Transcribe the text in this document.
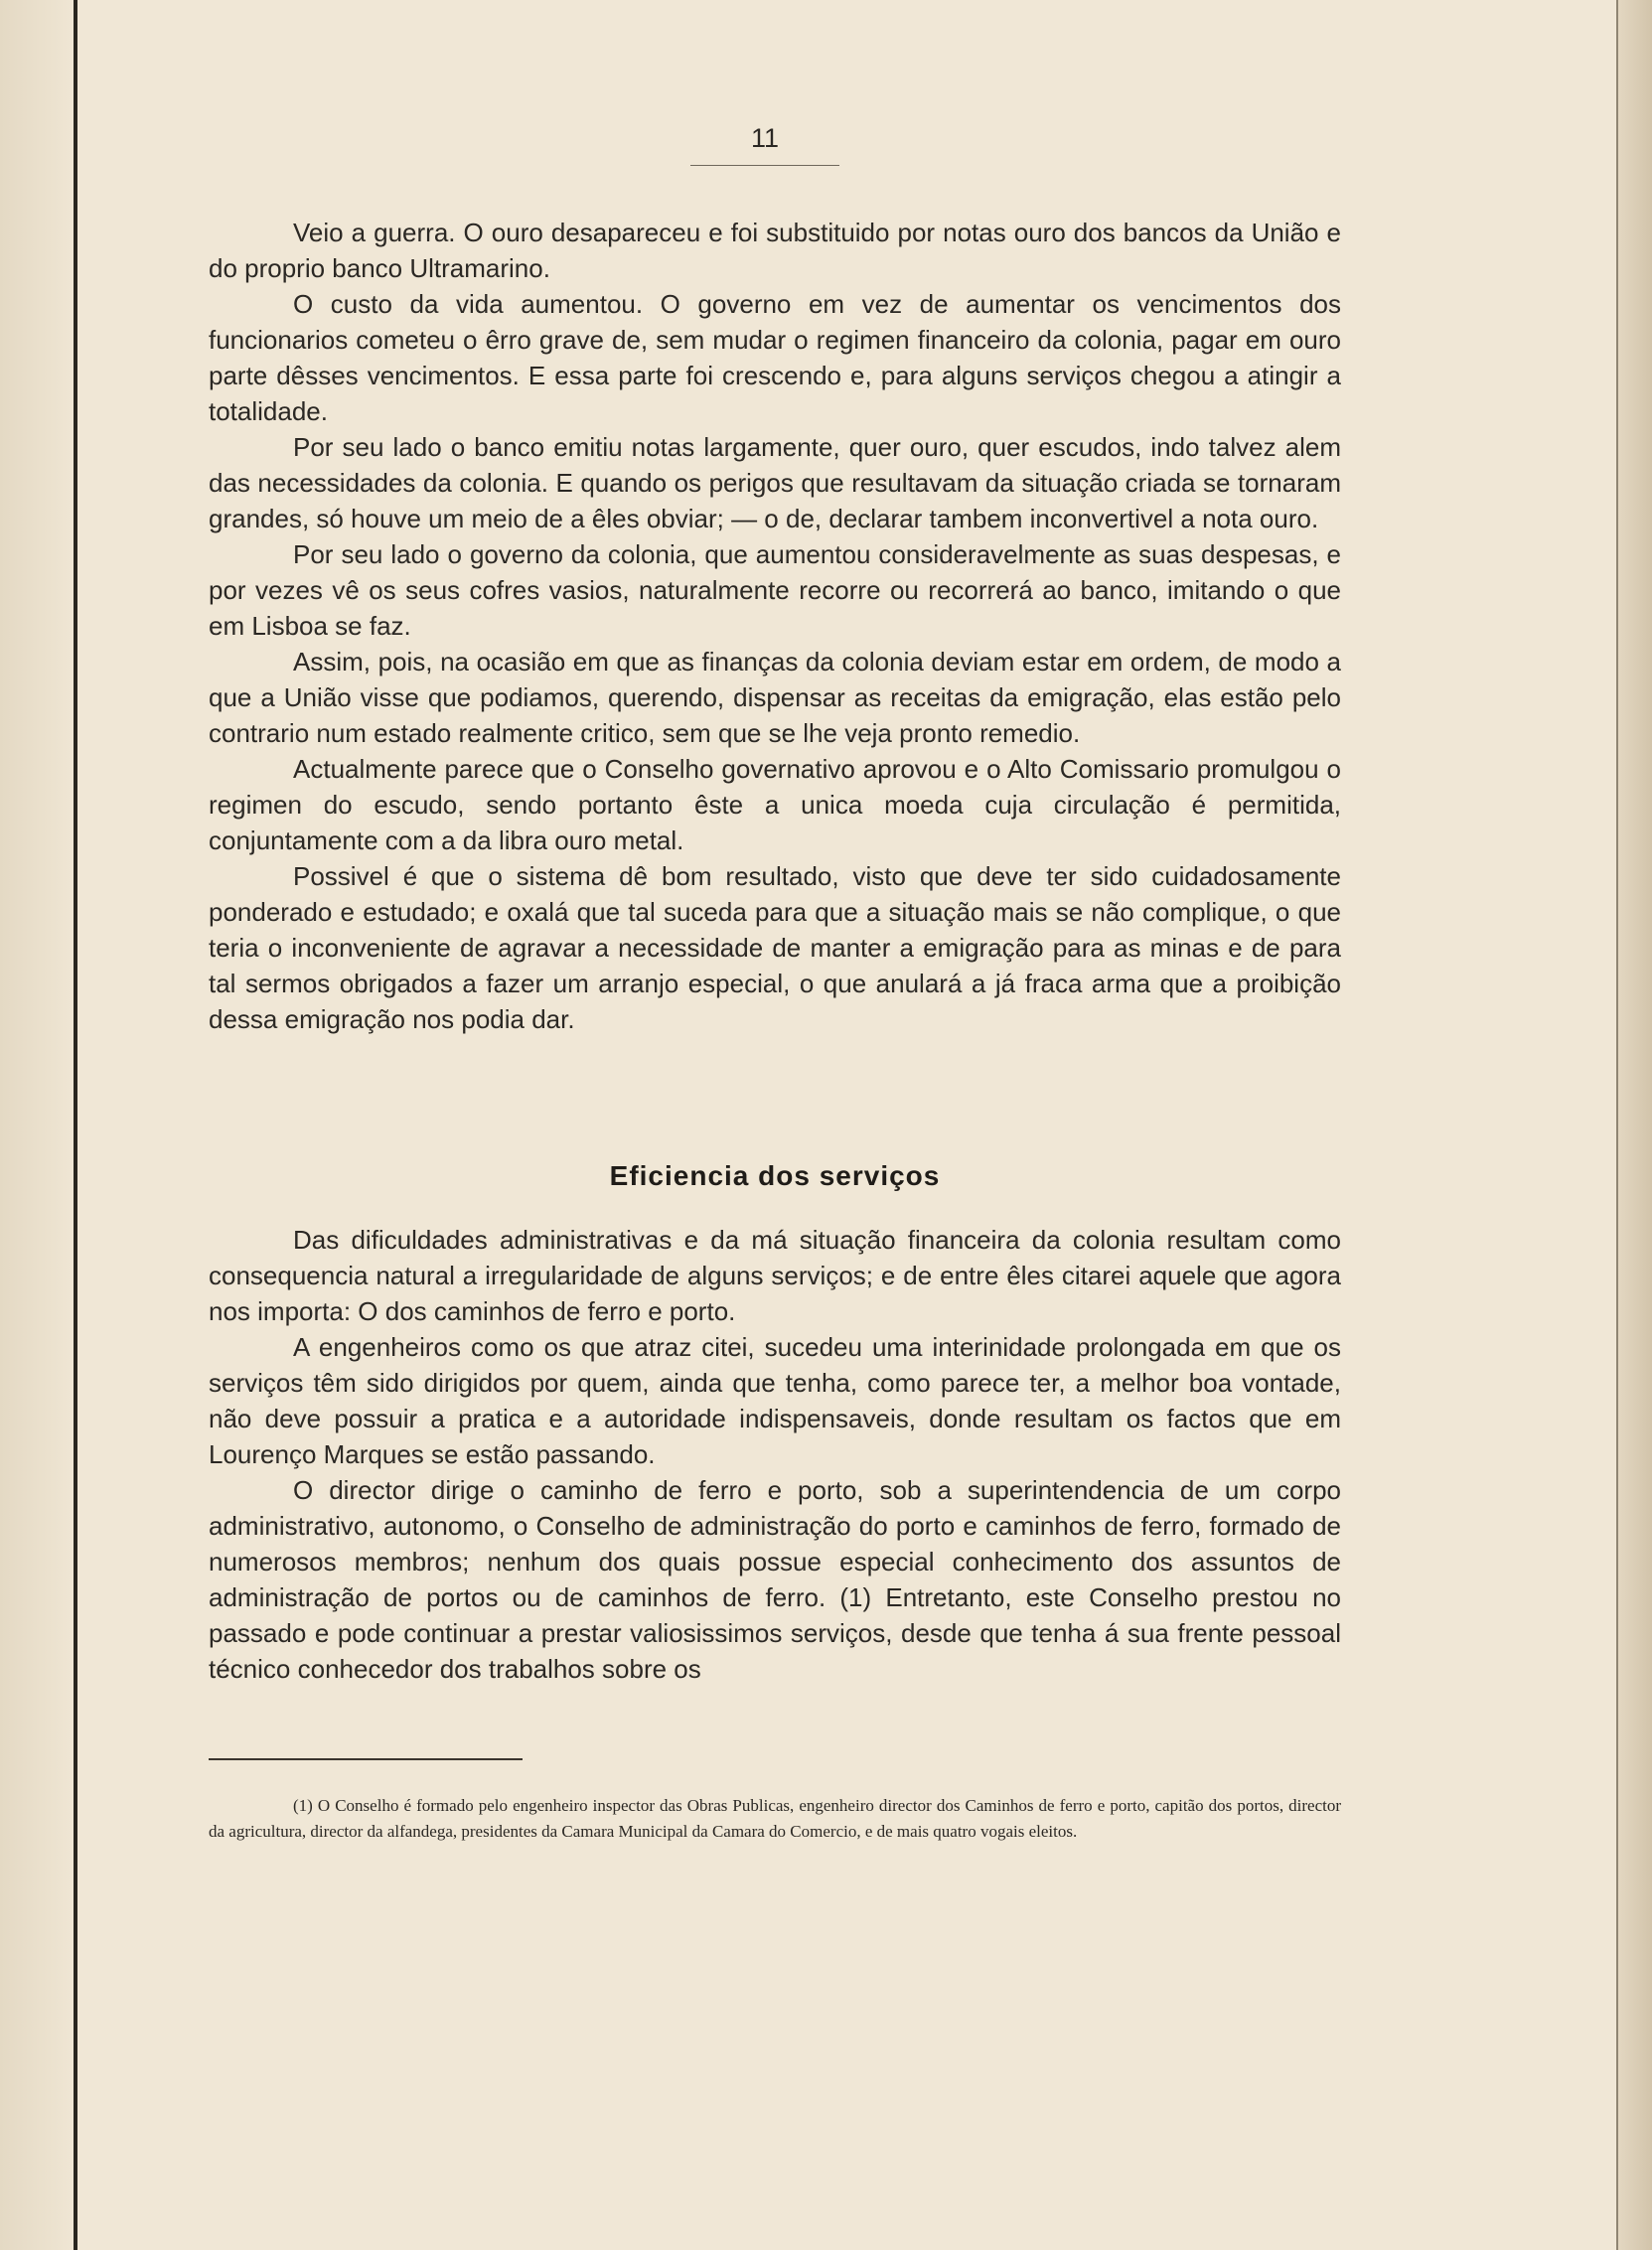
11

Veio a guerra. O ouro desapareceu e foi substituido por notas ouro dos bancos da União e do proprio banco Ultramarino.

O custo da vida aumentou. O governo em vez de aumentar os vencimentos dos funcionarios cometeu o êrro grave de, sem mudar o regimen financeiro da colonia, pagar em ouro parte dêsses vencimentos. E essa parte foi crescendo e, para alguns serviços chegou a atingir a totalidade.

Por seu lado o banco emitiu notas largamente, quer ouro, quer escudos, indo talvez alem das necessidades da colonia. E quando os perigos que resultavam da situação criada se tornaram grandes, só houve um meio de a êles obviar; — o de, declarar tambem inconvertivel a nota ouro.

Por seu lado o governo da colonia, que aumentou consideravelmente as suas despesas, e por vezes vê os seus cofres vasios, naturalmente recorre ou recorrerá ao banco, imitando o que em Lisboa se faz.

Assim, pois, na ocasião em que as finanças da colonia deviam estar em ordem, de modo a que a União visse que podiamos, querendo, dispensar as receitas da emigração, elas estão pelo contrario num estado realmente critico, sem que se lhe veja pronto remedio.

Actualmente parece que o Conselho governativo aprovou e o Alto Comissario promulgou o regimen do escudo, sendo portanto êste a unica moeda cuja circulação é permitida, conjuntamente com a da libra ouro metal.

Possivel é que o sistema dê bom resultado, visto que deve ter sido cuidadosamente ponderado e estudado; e oxalá que tal suceda para que a situação mais se não complique, o que teria o inconveniente de agravar a necessidade de manter a emigração para as minas e de para tal sermos obrigados a fazer um arranjo especial, o que anulará a já fraca arma que a proibição dessa emigração nos podia dar.

Eficiencia dos serviços

Das dificuldades administrativas e da má situação financeira da colonia resultam como consequencia natural a irregularidade de alguns serviços; e de entre êles citarei aquele que agora nos importa: O dos caminhos de ferro e porto.

A engenheiros como os que atraz citei, sucedeu uma interinidade prolongada em que os serviços têm sido dirigidos por quem, ainda que tenha, como parece ter, a melhor boa vontade, não deve possuir a pratica e a autoridade indispensaveis, donde resultam os factos que em Lourenço Marques se estão passando.

O director dirige o caminho de ferro e porto, sob a superintendencia de um corpo administrativo, autonomo, o Conselho de administração do porto e caminhos de ferro, formado de numerosos membros; nenhum dos quais possue especial conhecimento dos assuntos de administração de portos ou de caminhos de ferro. (1) Entretanto, este Conselho prestou no passado e pode continuar a prestar valiosissimos serviços, desde que tenha á sua frente pessoal técnico conhecedor dos trabalhos sobre os

(1) O Conselho é formado pelo engenheiro inspector das Obras Publicas, engenheiro director dos Caminhos de ferro e porto, capitão dos portos, director da agricultura, director da alfandega, presidentes da Camara Municipal da Camara do Comercio, e de mais quatro vogais eleitos.
